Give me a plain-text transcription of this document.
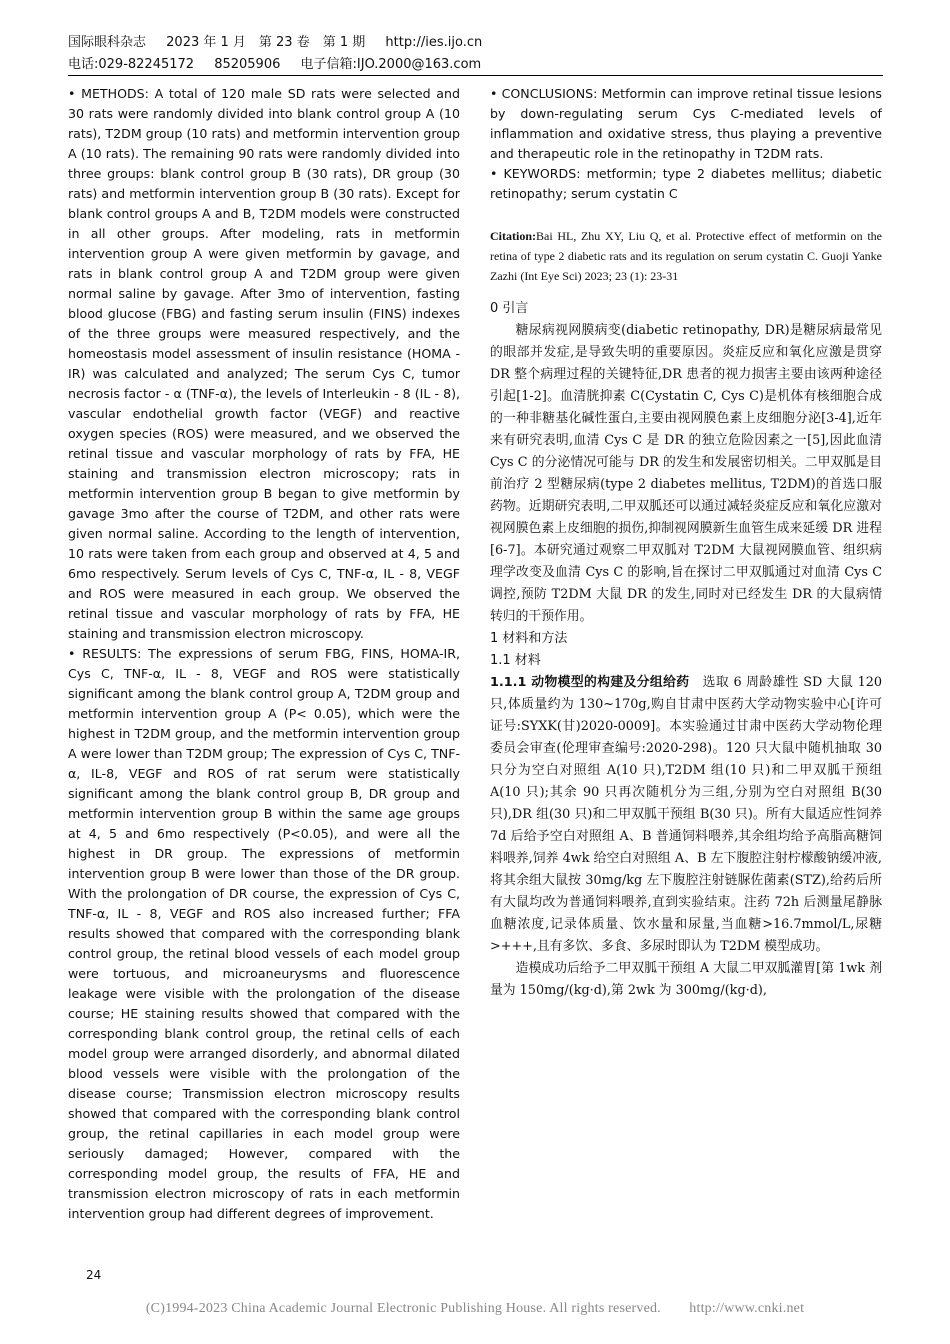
国际眼科杂志 2023 年 1 月　第 23 卷　第 1 期 http://ies.ijo.cn
电话:029-82245172 85205906 电子信箱:IJO.2000@163.com

• METHODS: A total of 120 male SD rats were selected and 30 rats were randomly divided into blank control group A (10 rats), T2DM group (10 rats) and metformin intervention group A (10 rats). The remaining 90 rats were randomly divided into three groups: blank control group B (30 rats), DR group (30 rats) and metformin intervention group B (30 rats). Except for blank control groups A and B, T2DM models were constructed in all other groups. After modeling, rats in metformin intervention group A were given metformin by gavage, and rats in blank control group A and T2DM group were given normal saline by gavage. After 3mo of intervention, fasting blood glucose (FBG) and fasting serum insulin (FINS) indexes of the three groups were measured respectively, and the homeostasis model assessment of insulin resistance (HOMA - IR) was calculated and analyzed; The serum Cys C, tumor necrosis factor - α (TNF-α), the levels of Interleukin - 8 (IL - 8), vascular endothelial growth factor (VEGF) and reactive oxygen species (ROS) were measured, and we observed the retinal tissue and vascular morphology of rats by FFA, HE staining and transmission electron microscopy; rats in metformin intervention group B began to give metformin by gavage 3mo after the course of T2DM, and other rats were given normal saline. According to the length of intervention, 10 rats were taken from each group and observed at 4, 5 and 6mo respectively. Serum levels of Cys C, TNF-α, IL - 8, VEGF and ROS were measured in each group. We observed the retinal tissue and vascular morphology of rats by FFA, HE staining and transmission electron microscopy.

• RESULTS: The expressions of serum FBG, FINS, HOMA-IR, Cys C, TNF-α, IL - 8, VEGF and ROS were statistically significant among the blank control group A, T2DM group and metformin intervention group A (P< 0.05), which were the highest in T2DM group, and the metformin intervention group A were lower than T2DM group; The expression of Cys C, TNF-α, IL-8, VEGF and ROS of rat serum were statistically significant among the blank control group B, DR group and metformin intervention group B within the same age groups at 4, 5 and 6mo respectively (P<0.05), and were all the highest in DR group. The expressions of metformin intervention group B were lower than those of the DR group. With the prolongation of DR course, the expression of Cys C, TNF-α, IL - 8, VEGF and ROS also increased further; FFA results showed that compared with the corresponding blank control group, the retinal blood vessels of each model group were tortuous, and microaneurysms and fluorescence leakage were visible with the prolongation of the disease course; HE staining results showed that compared with the corresponding blank control group, the retinal cells of each model group were arranged disorderly, and abnormal dilated blood vessels were visible with the prolongation of the disease course; Transmission electron microscopy results showed that compared with the corresponding blank control group, the retinal capillaries in each model group were seriously damaged; However, compared with the corresponding model group, the results of FFA, HE and transmission electron microscopy of rats in each metformin intervention group had different degrees of improvement.

• CONCLUSIONS: Metformin can improve retinal tissue lesions by down-regulating serum Cys C-mediated levels of inflammation and oxidative stress, thus playing a preventive and therapeutic role in the retinopathy in T2DM rats.

• KEYWORDS: metformin; type 2 diabetes mellitus; diabetic retinopathy; serum cystatin C

Citation:Bai HL, Zhu XY, Liu Q, et al. Protective effect of metformin on the retina of type 2 diabetic rats and its regulation on serum cystatin C. Guoji Yanke Zazhi (Int Eye Sci) 2023; 23 (1): 23-31

0 引言

糖尿病视网膜病变(diabetic retinopathy, DR)是糖尿病最常见的眼部并发症,是导致失明的重要原因。炎症反应和氧化应激是贯穿 DR 整个病理过程的关键特征,DR 患者的视力损害主要由该两种途径引起[1-2]。血清胱抑素 C(Cystatin C, Cys C)是机体有核细胞合成的一种非糖基化碱性蛋白,主要由视网膜色素上皮细胞分泌[3-4],近年来有研究表明,血清 Cys C 是 DR 的独立危险因素之一[5],因此血清 Cys C 的分泌情况可能与 DR 的发生和发展密切相关。二甲双胍是目前治疗 2 型糖尿病(type 2 diabetes mellitus, T2DM)的首选口服药物。近期研究表明,二甲双胍还可以通过减轻炎症反应和氧化应激对视网膜色素上皮细胞的损伤,抑制视网膜新生血管生成来延缓 DR 进程[6-7]。本研究通过观察二甲双胍对 T2DM 大鼠视网膜血管、组织病理学改变及血清 Cys C 的影响,旨在探讨二甲双胍通过对血清 Cys C 调控,预防 T2DM 大鼠 DR 的发生,同时对已经发生 DR 的大鼠病情转归的干预作用。

1 材料和方法
1.1 材料

1.1.1 动物模型的构建及分组给药　 选取 6 周龄雄性 SD 大鼠 120 只,体质量约为 130~170g,购自甘肃中医药大学动物实验中心[许可证号:SYXK(甘)2020-0009]。本实验通过甘肃中医药大学动物伦理委员会审查(伦理审查编号:2020-298)。120 只大鼠中随机抽取 30 只分为空白对照组 A(10 只),T2DM 组(10 只)和二甲双胍干预组 A(10 只);其余 90 只再次随机分为三组,分别为空白对照组 B(30 只),DR 组(30 只)和二甲双胍干预组 B(30 只)。所有大鼠适应性饲养 7d 后给予空白对照组 A、B 普通饲料喂养,其余组均给予高脂高糖饲料喂养,饲养 4wk 给空白对照组 A、B 左下腹腔注射柠檬酸钠缓冲液,将其余组大鼠按 30mg/kg 左下腹腔注射链脲佐菌素(STZ),给药后所有大鼠均改为普通饲料喂养,直到实验结束。注药 72h 后测量尾静脉血糖浓度,记录体质量、饮水量和尿量,当血糖>16.7mmol/L,尿糖>+++,且有多饮、多食、多尿时即认为 T2DM 模型成功。

造模成功后给予二甲双胍干预组 A 大鼠二甲双胍灌胃[第 1wk 剂量为 150mg/(kg·d),第 2wk 为 300mg/(kg·d),

24
(C)1994-2023 China Academic Journal Electronic Publishing House. All rights reserved.　　http://www.cnki.net
